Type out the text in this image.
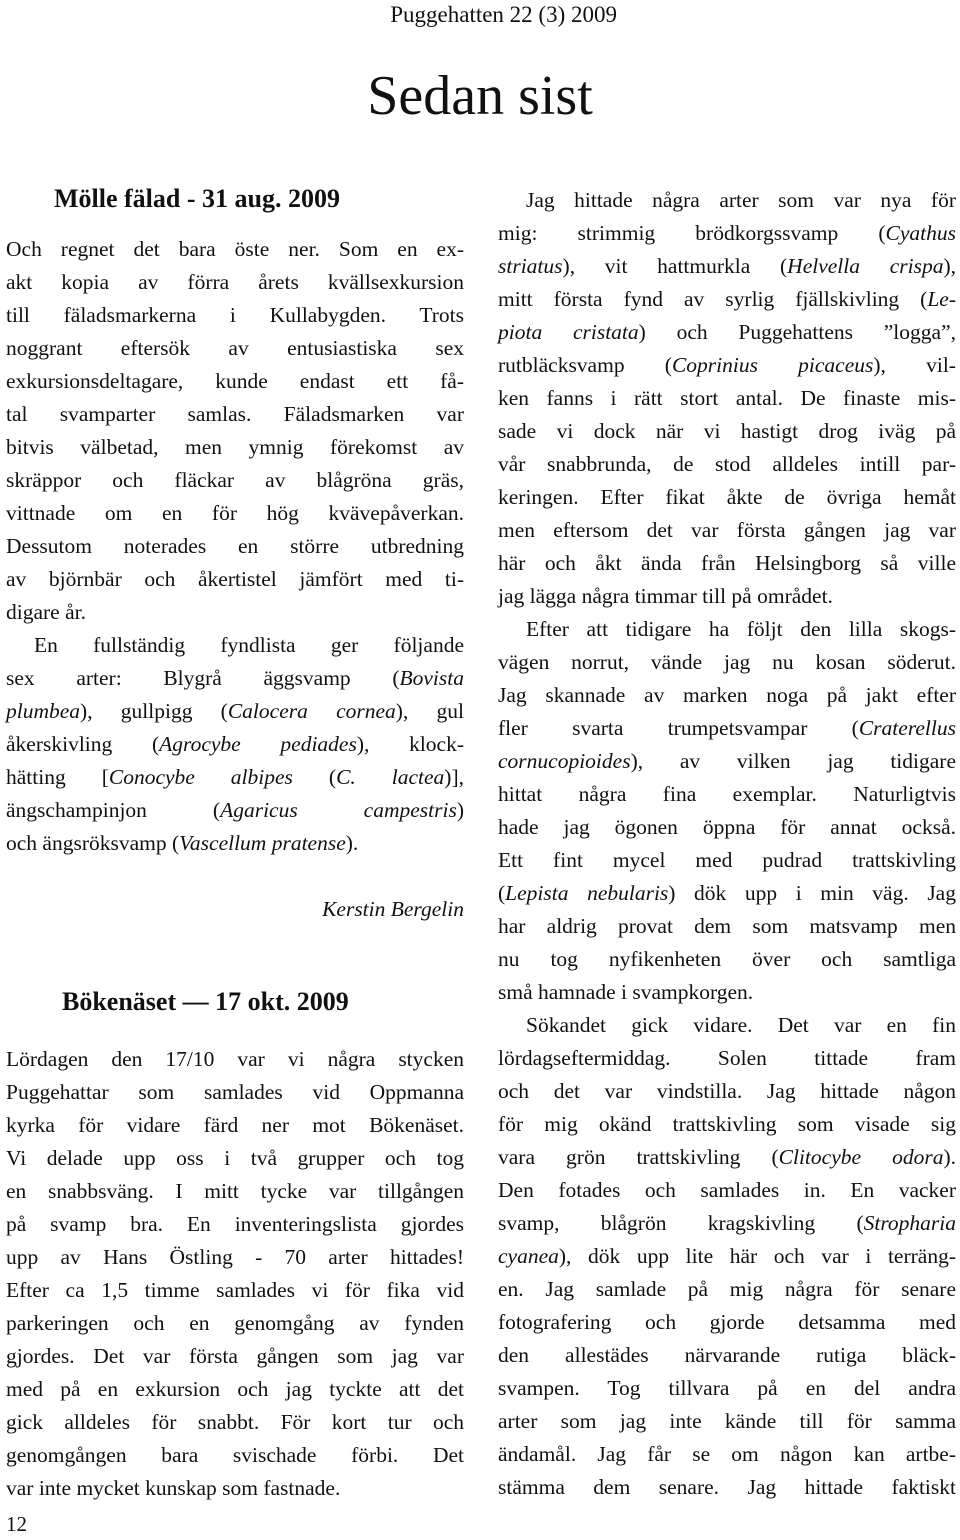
Puggehatten 22 (3) 2009
Sedan sist
Mölle fälad - 31 aug. 2009
Och regnet det bara öste ner. Som en ex-
akt kopia av förra årets kvällsexkursion
till fäladsmarkerna i Kullabygden. Trots
noggrant eftersök av entusiastiska sex
exkursionsdeltagare, kunde endast ett få-
tal svamparter samlas. Fäladsmarken var
bitvis välbetad, men ymnig förekomst av
skräppor och fläckar av blågröna gräs,
vittnade om en för hög kvävepåverkan.
Dessutom noterades en större utbredning
av björnbär och åkertistel jämfört med ti-
digare år.
En fullständig fyndlista ger följande
sex arter: Blygrå äggsvamp (Bovista
plumbea), gullpigg (Calocera cornea), gul
åkerskivling (Agrocybe pediades), klock-
hätting [Conocybe albipes (C. lactea)],
ängschampinjon (Agaricus campestris)
och ängsröksvamp (Vascellum pratense).
Kerstin Bergelin
Bökenäset — 17 okt. 2009
Lördagen den 17/10 var vi några stycken
Puggehattar som samlades vid Oppmanna
kyrka för vidare färd ner mot Bökenäset.
Vi delade upp oss i två grupper och tog
en snabbsväng. I mitt tycke var tillgången
på svamp bra. En inventeringslista gjordes
upp av Hans Östling - 70 arter hittades!
Efter ca 1,5 timme samlades vi för fika vid
parkeringen och en genomgång av fynden
gjordes. Det var första gången som jag var
med på en exkursion och jag tyckte att det
gick alldeles för snabbt. För kort tur och
genomgången bara svischade förbi. Det
var inte mycket kunskap som fastnade.
Jag hittade några arter som var nya för
mig: strimmig brödkorgssvamp (Cyathus
striatus), vit hattmurkla (Helvella crispa),
mitt första fynd av syrlig fjällskivling (Le-
piota cristata) och Puggehattens ”logga”,
rutbläcksvamp (Coprinius picaceus), vil-
ken fanns i rätt stort antal. De finaste mis-
sade vi dock när vi hastigt drog iväg på
vår snabbrunda, de stod alldeles intill par-
keringen. Efter fikat åkte de övriga hemåt
men eftersom det var första gången jag var
här och åkt ända från Helsingborg så ville
jag lägga några timmar till på området.
Efter att tidigare ha följt den lilla skogs-
vägen norrut, vände jag nu kosan söderut.
Jag skannade av marken noga på jakt efter
fler svarta trumpetsvampar (Craterellus
cornucopioides), av vilken jag tidigare
hittat några fina exemplar. Naturligtvis
hade jag ögonen öppna för annat också.
Ett fint mycel med pudrad trattskivling
(Lepista nebularis) dök upp i min väg. Jag
har aldrig provat dem som matsvamp men
nu tog nyfikenheten över och samtliga
små hamnade i svampkorgen.
Sökandet gick vidare. Det var en fin
lördagseftermiddag. Solen tittade fram
och det var vindstilla. Jag hittade någon
för mig okänd trattskivling som visade sig
vara grön trattskivling (Clitocybe odora).
Den fotades och samlades in. En vacker
svamp, blågrön kragskivling (Stropharia
cyanea), dök upp lite här och var i terräng-
en. Jag samlade på mig några för senare
fotografering och gjorde detsamma med
den allestädes närvarande rutiga bläck-
svampen. Tog tillvara på en del andra
arter som jag inte kände till för samma
ändamål. Jag får se om någon kan artbe-
stämma dem senare. Jag hittade faktiskt
12
